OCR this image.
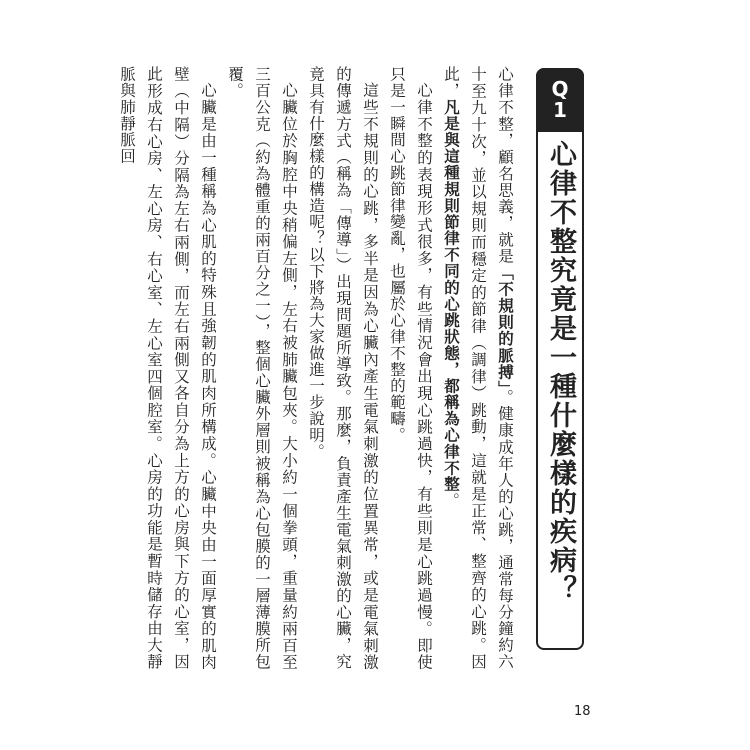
Q
1
心律不整究竟是一種什麼樣的疾病？

心律不整，顧名思義，就是「不規則的脈搏」。健康成年人的心跳，通常每分鐘約六十至九十次，並以規則而穩定的節律（調律）跳動，這就是正常、整齊的心跳。因此，凡是與這種規則節律不同的心跳狀態，都稱為心律不整。

心律不整的表現形式很多，有些情況會出現心跳過快，有些則是心跳過慢。即使只是一瞬間心跳節律變亂，也屬於心律不整的範疇。

這些不規則的心跳，多半是因為心臟內產生電氣刺激的位置異常，或是電氣刺激的傳遞方式（稱為「傳導」）出現問題所導致。那麼，負責產生電氣刺激的心臟，究竟具有什麼樣的構造呢？以下將為大家做進一步說明。

心臟位於胸腔中央稍偏左側，左右被肺臟包夾。大小約一個拳頭，重量約兩百至三百公克（約為體重的兩百分之一），整個心臟外層則被稱為心包膜的一層薄膜所包覆。

心臟是由一種稱為心肌的特殊且強韌的肌肉所構成。心臟中央由一面厚實的肌肉壁（中隔）分隔為左右兩側，而左右兩側又各自分為上方的心房與下方的心室，因此形成右心房、左心房、右心室、左心室四個腔室。心房的功能是暫時儲存由大靜脈與肺靜脈回

18
